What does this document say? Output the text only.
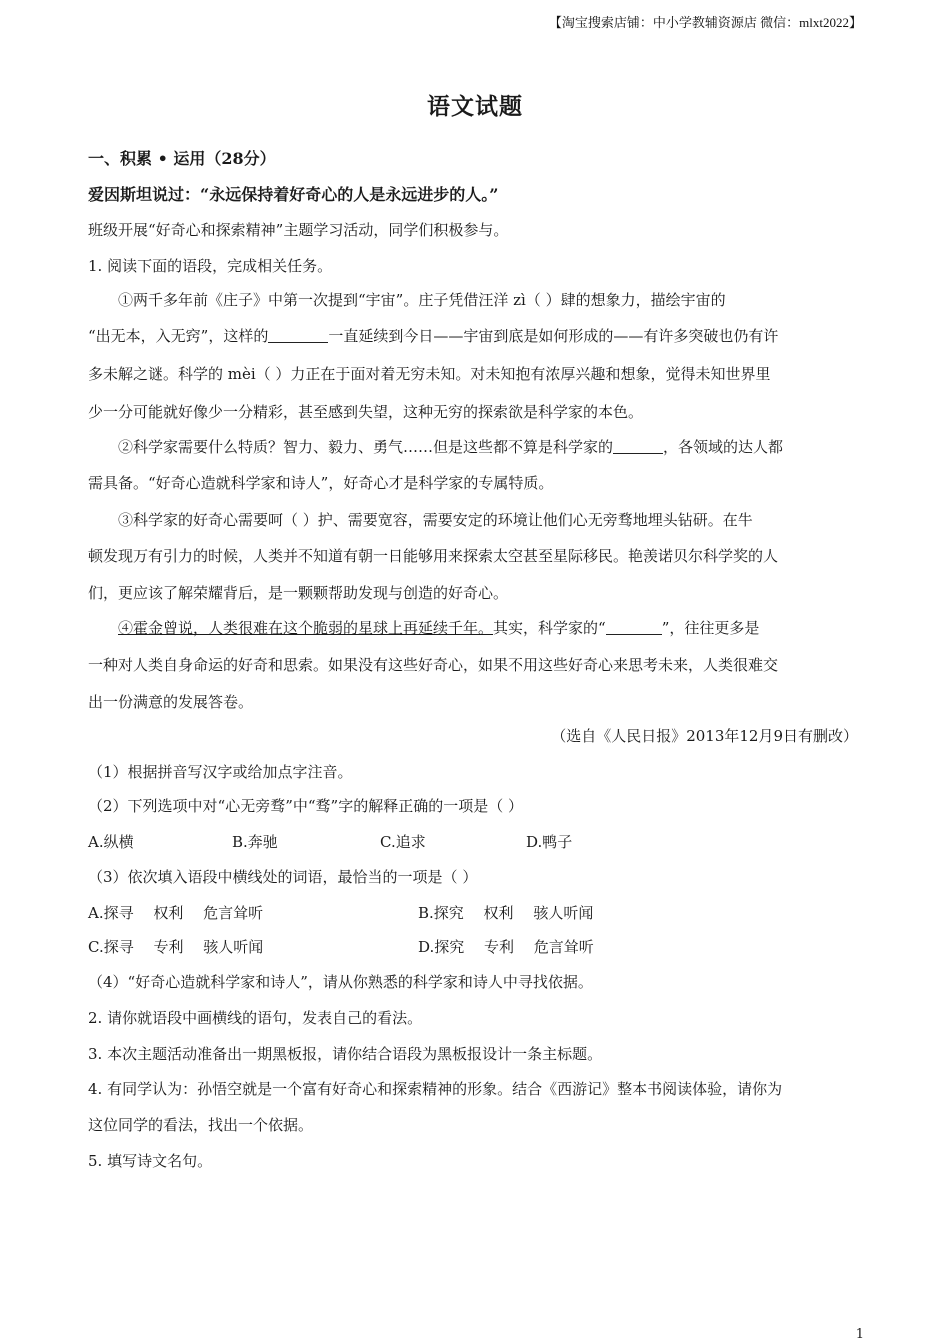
【淘宝搜索店铺：中小学教辅资源店 微信：mlxt2022】
语文试题
一、积累 • 运用（28分）
爱因斯坦说过：“永远保持着好奇心的人是永远进步的人。”
班级开展“好奇心和探索精神”主题学习活动，同学们积极参与。
1. 阅读下面的语段，完成相关任务。
①两千多年前《庄子》中第一次提到“宇宙”。庄子凭借汪洋 zì（ ）肆的想象力，描绘宇宙的
“出无本，入无窍”，这样的	一直延续到今日——宇宙到底是如何形成的——有许多突破也仍有许
多未解之谜。科学的 mèi（ ）力正在于面对着无穷未知。对未知抱有浓厚兴趣和想象，觉得未知世界里
少一分可能就好像少一分精彩，甚至感到失望，这种无穷的探索欲是科学家的本色。
②科学家需要什么特质？智力、毅力、勇气……但是这些都不算是科学家的	，各领域的达人都
需具备。“好奇心造就科学家和诗人”，好奇心才是科学家的专属特质。
③科学家的好奇心需要呵（ ）护、需要宽容，需要安定的环境让他们心无旁骛地埋头钻研。在牛
顿发现万有引力的时候，人类并不知道有朝一日能够用来探索太空甚至星际移民。艳羡诺贝尔科学奖的人
们，更应该了解荣耀背后，是一颗颗帮助发现与创造的好奇心。
④霍金曾说，人类很难在这个脆弱的星球上再延续千年。其实，科学家的“	”，往往更多是
一种对人类自身命运的好奇和思索。如果没有这些好奇心，如果不用这些好奇心来思考未来，人类很难交
出一份满意的发展答卷。
（选自《人民日报》2013年12月9日有删改）
（1）根据拼音写汉字或给加点字注音。
（2）下列选项中对“心无旁骛”中“骛”字的解释正确的一项是（ ）
A.纵横	B.奔驰	C.追求	D.鸭子
（3）依次填入语段中横线处的词语，最恰当的一项是（ ）
A.探寻　 权利　 危言耸听	B.探究　 权利　 骇人听闻
C.探寻　 专利　 骇人听闻	D.探究　 专利　 危言耸听
（4）“好奇心造就科学家和诗人”，请从你熟悉的科学家和诗人中寻找依据。
2. 请你就语段中画横线的语句，发表自己的看法。
3. 本次主题活动准备出一期黑板报，请你结合语段为黑板报设计一条主标题。
4. 有同学认为：孙悟空就是一个富有好奇心和探索精神的形象。结合《西游记》整本书阅读体验，请你为
这位同学的看法，找出一个依据。
5. 填写诗文名句。
1
